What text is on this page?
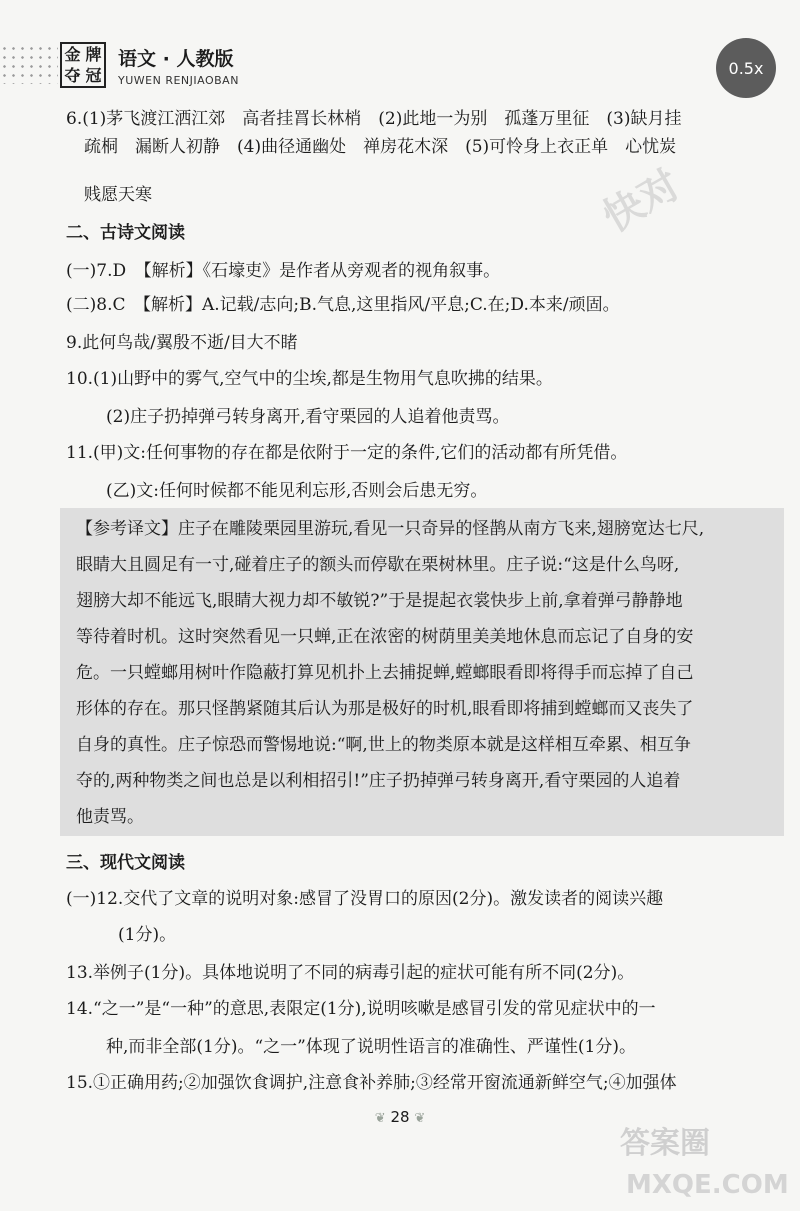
金 牌
夺 冠
语文 · 人教版
YUWEN RENJIAOBAN
0.5x
快对
6.(1)茅飞渡江洒江郊　高者挂罥长林梢　(2)此地一为别　孤蓬万里征　(3)缺月挂
疏桐　漏断人初静　(4)曲径通幽处　禅房花木深　(5)可怜身上衣正单　心忧炭
贱愿天寒
二、古诗文阅读
(一)7.D　【解析】《石壕吏》是作者从旁观者的视角叙事。
(二)8.C　【解析】A.记载/志向;B.气息,这里指风/平息;C.在;D.本来/顽固。
9.此何鸟哉/翼殷不逝/目大不睹
10.(1)山野中的雾气,空气中的尘埃,都是生物用气息吹拂的结果。
(2)庄子扔掉弹弓转身离开,看守栗园的人追着他责骂。
11.(甲)文:任何事物的存在都是依附于一定的条件,它们的活动都有所凭借。
(乙)文:任何时候都不能见利忘形,否则会后患无穷。
【参考译文】庄子在雕陵栗园里游玩,看见一只奇异的怪鹊从南方飞来,翅膀宽达七尺,
眼睛大且圆足有一寸,碰着庄子的额头而停歇在栗树林里。庄子说:“这是什么鸟呀,
翅膀大却不能远飞,眼睛大视力却不敏锐?”于是提起衣裳快步上前,拿着弹弓静静地
等待着时机。这时突然看见一只蝉,正在浓密的树荫里美美地休息而忘记了自身的安
危。一只螳螂用树叶作隐蔽打算见机扑上去捕捉蝉,螳螂眼看即将得手而忘掉了自己
形体的存在。那只怪鹊紧随其后认为那是极好的时机,眼看即将捕到螳螂而又丧失了
自身的真性。庄子惊恐而警惕地说:“啊,世上的物类原本就是这样相互牵累、相互争
夺的,两种物类之间也总是以利相招引!”庄子扔掉弹弓转身离开,看守栗园的人追着
他责骂。
三、现代文阅读
(一)12.交代了文章的说明对象:感冒了没胃口的原因(2分)。激发读者的阅读兴趣
(1分)。
13.举例子(1分)。具体地说明了不同的病毒引起的症状可能有所不同(2分)。
14.“之一”是“一种”的意思,表限定(1分),说明咳嗽是感冒引发的常见症状中的一
种,而非全部(1分)。“之一”体现了说明性语言的准确性、严谨性(1分)。
15.①正确用药;②加强饮食调护,注意食补养肺;③经常开窗流通新鲜空气;④加强体
❦ 28 ❦
答案圈
MXQE.COM
